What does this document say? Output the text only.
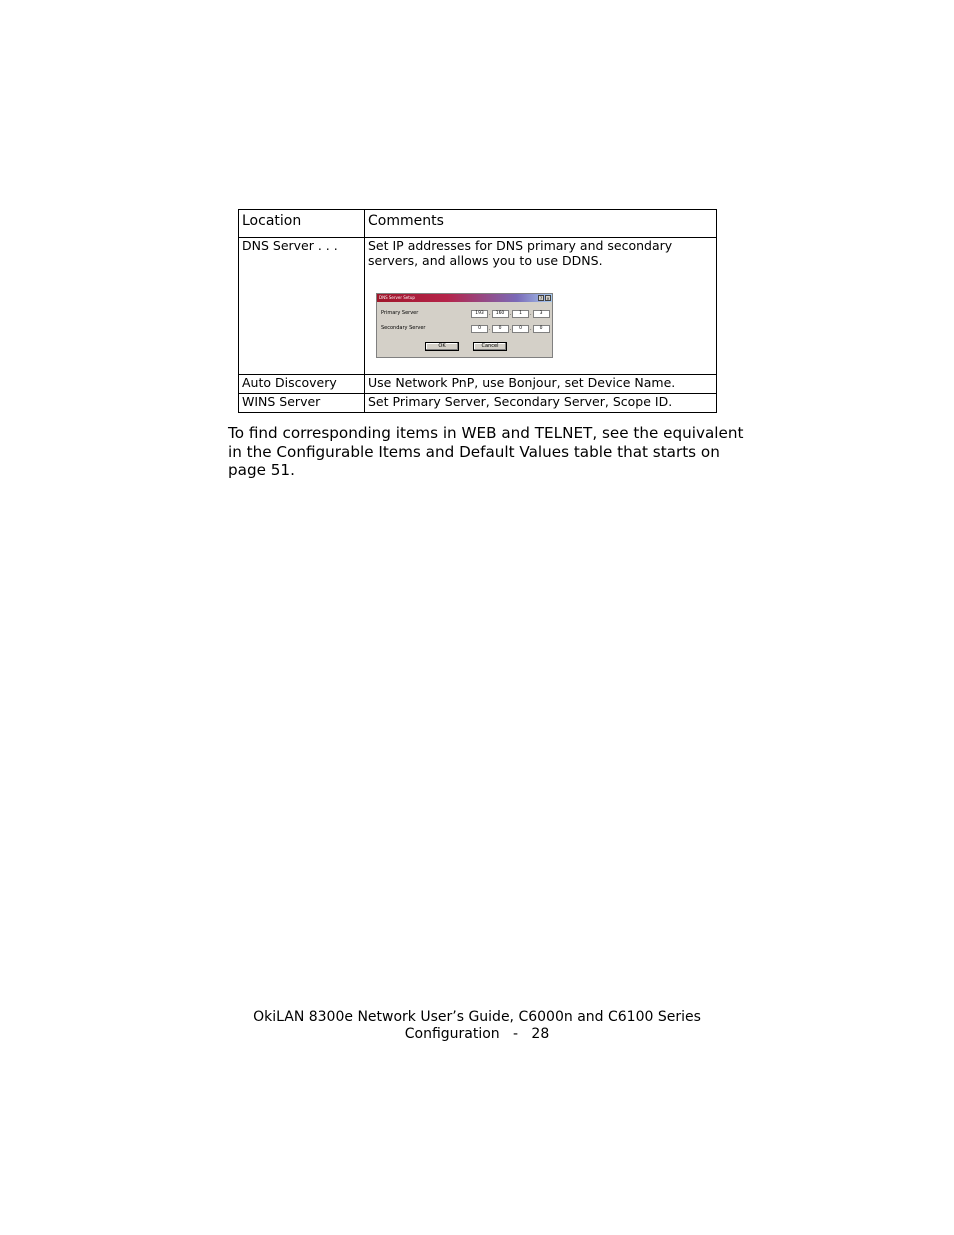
Location	Comments
DNS Server . . .	Set IP addresses for DNS primary and secondary servers, and allows you to use DDNS.

Auto Discovery	Use Network PnP, use Bonjour, set Device Name.
WINS Server	Set Primary Server, Secondary Server, Scope ID.
DNS Server Setup	?	×
Primary Server	193	.	160	.	1	.	3
Secondary Server	0	.	0	.	0	.	0
OK	Cancel

To find corresponding items in WEB and TELNET, see the equivalent in the Configurable Items and Default Values table that starts on page 51.

OkiLAN 8300e Network User’s Guide, C6000n and C6100 Series
Configuration   -   28
